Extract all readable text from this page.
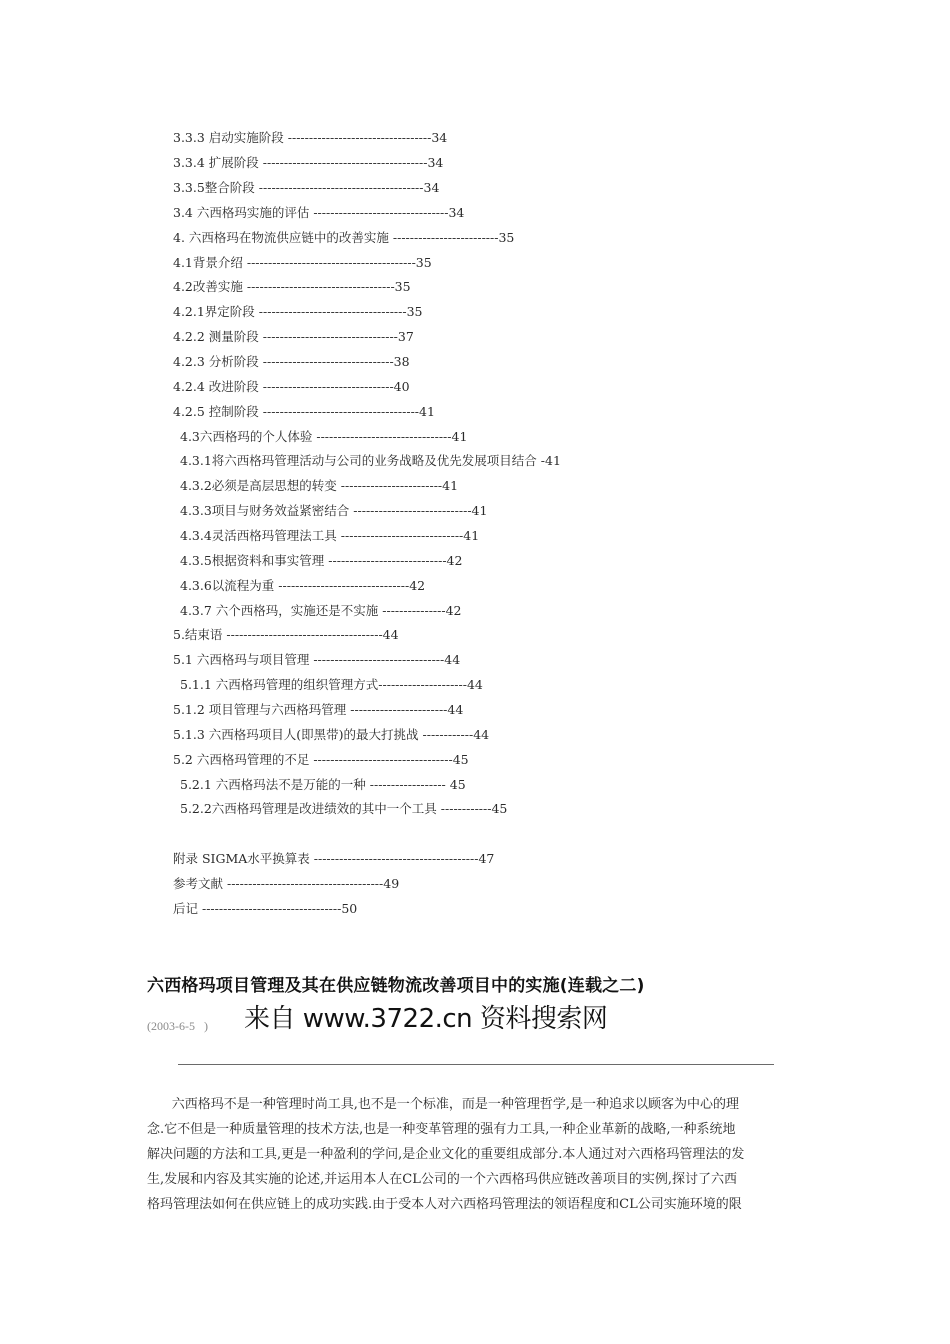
3.3.3 启动实施阶段 ----------------------------------34
3.3.4 扩展阶段 ---------------------------------------34
3.3.5整合阶段 ---------------------------------------34
3.4 六西格玛实施的评估 --------------------------------34
4. 六西格玛在物流供应链中的改善实施 -------------------------35
4.1背景介绍 ----------------------------------------35
4.2改善实施 -----------------------------------35
4.2.1界定阶段 -----------------------------------35
4.2.2 测量阶段 --------------------------------37
4.2.3 分析阶段 -------------------------------38
4.2.4 改进阶段 -------------------------------40
4.2.5 控制阶段 -------------------------------------41
4.3六西格玛的个人体验 --------------------------------41
4.3.1将六西格玛管理活动与公司的业务战略及优先发展项目结合 -41
4.3.2必须是高层思想的转变 ------------------------41
4.3.3项目与财务效益紧密结合 ----------------------------41
4.3.4灵活西格玛管理法工具 -----------------------------41
4.3.5根据资料和事实管理 ----------------------------42
4.3.6以流程为重 -------------------------------42
4.3.7 六个西格玛，实施还是不实施 ---------------42
5.结束语 -------------------------------------44
5.1 六西格玛与项目管理 -------------------------------44
5.1.1 六西格玛管理的组织管理方式---------------------44
5.1.2 项目管理与六西格玛管理 -----------------------44
5.1.3 六西格玛项目人(即黑带)的最大打挑战 ------------44
5.2 六西格玛管理的不足 ---------------------------------45
5.2.1 六西格玛法不是万能的一种 ------------------ 45
5.2.2六西格玛管理是改进绩效的其中一个工具 ------------45
附录 SIGMA水平换算表 ---------------------------------------47
参考文献 -------------------------------------49
后记 ---------------------------------50
六西格玛项目管理及其在供应链物流改善项目中的实施(连载之二)
(2003-6-5   ) 来自 www.3722.cn 资料搜索网
六西格玛不是一种管理时尚工具,也不是一个标准，而是一种管理哲学,是一种追求以顾客为中心的理
念.它不但是一种质量管理的技术方法,也是一种变革管理的强有力工具,一种企业革新的战略,一种系统地
解决问题的方法和工具,更是一种盈利的学问,是企业文化的重要组成部分.本人通过对六西格玛管理法的发
生,发展和内容及其实施的论述,并运用本人在CL公司的一个六西格玛供应链改善项目的实例,探讨了六西
格玛管理法如何在供应链上的成功实践.由于受本人对六西格玛管理法的领语程度和CL公司实施环境的限
